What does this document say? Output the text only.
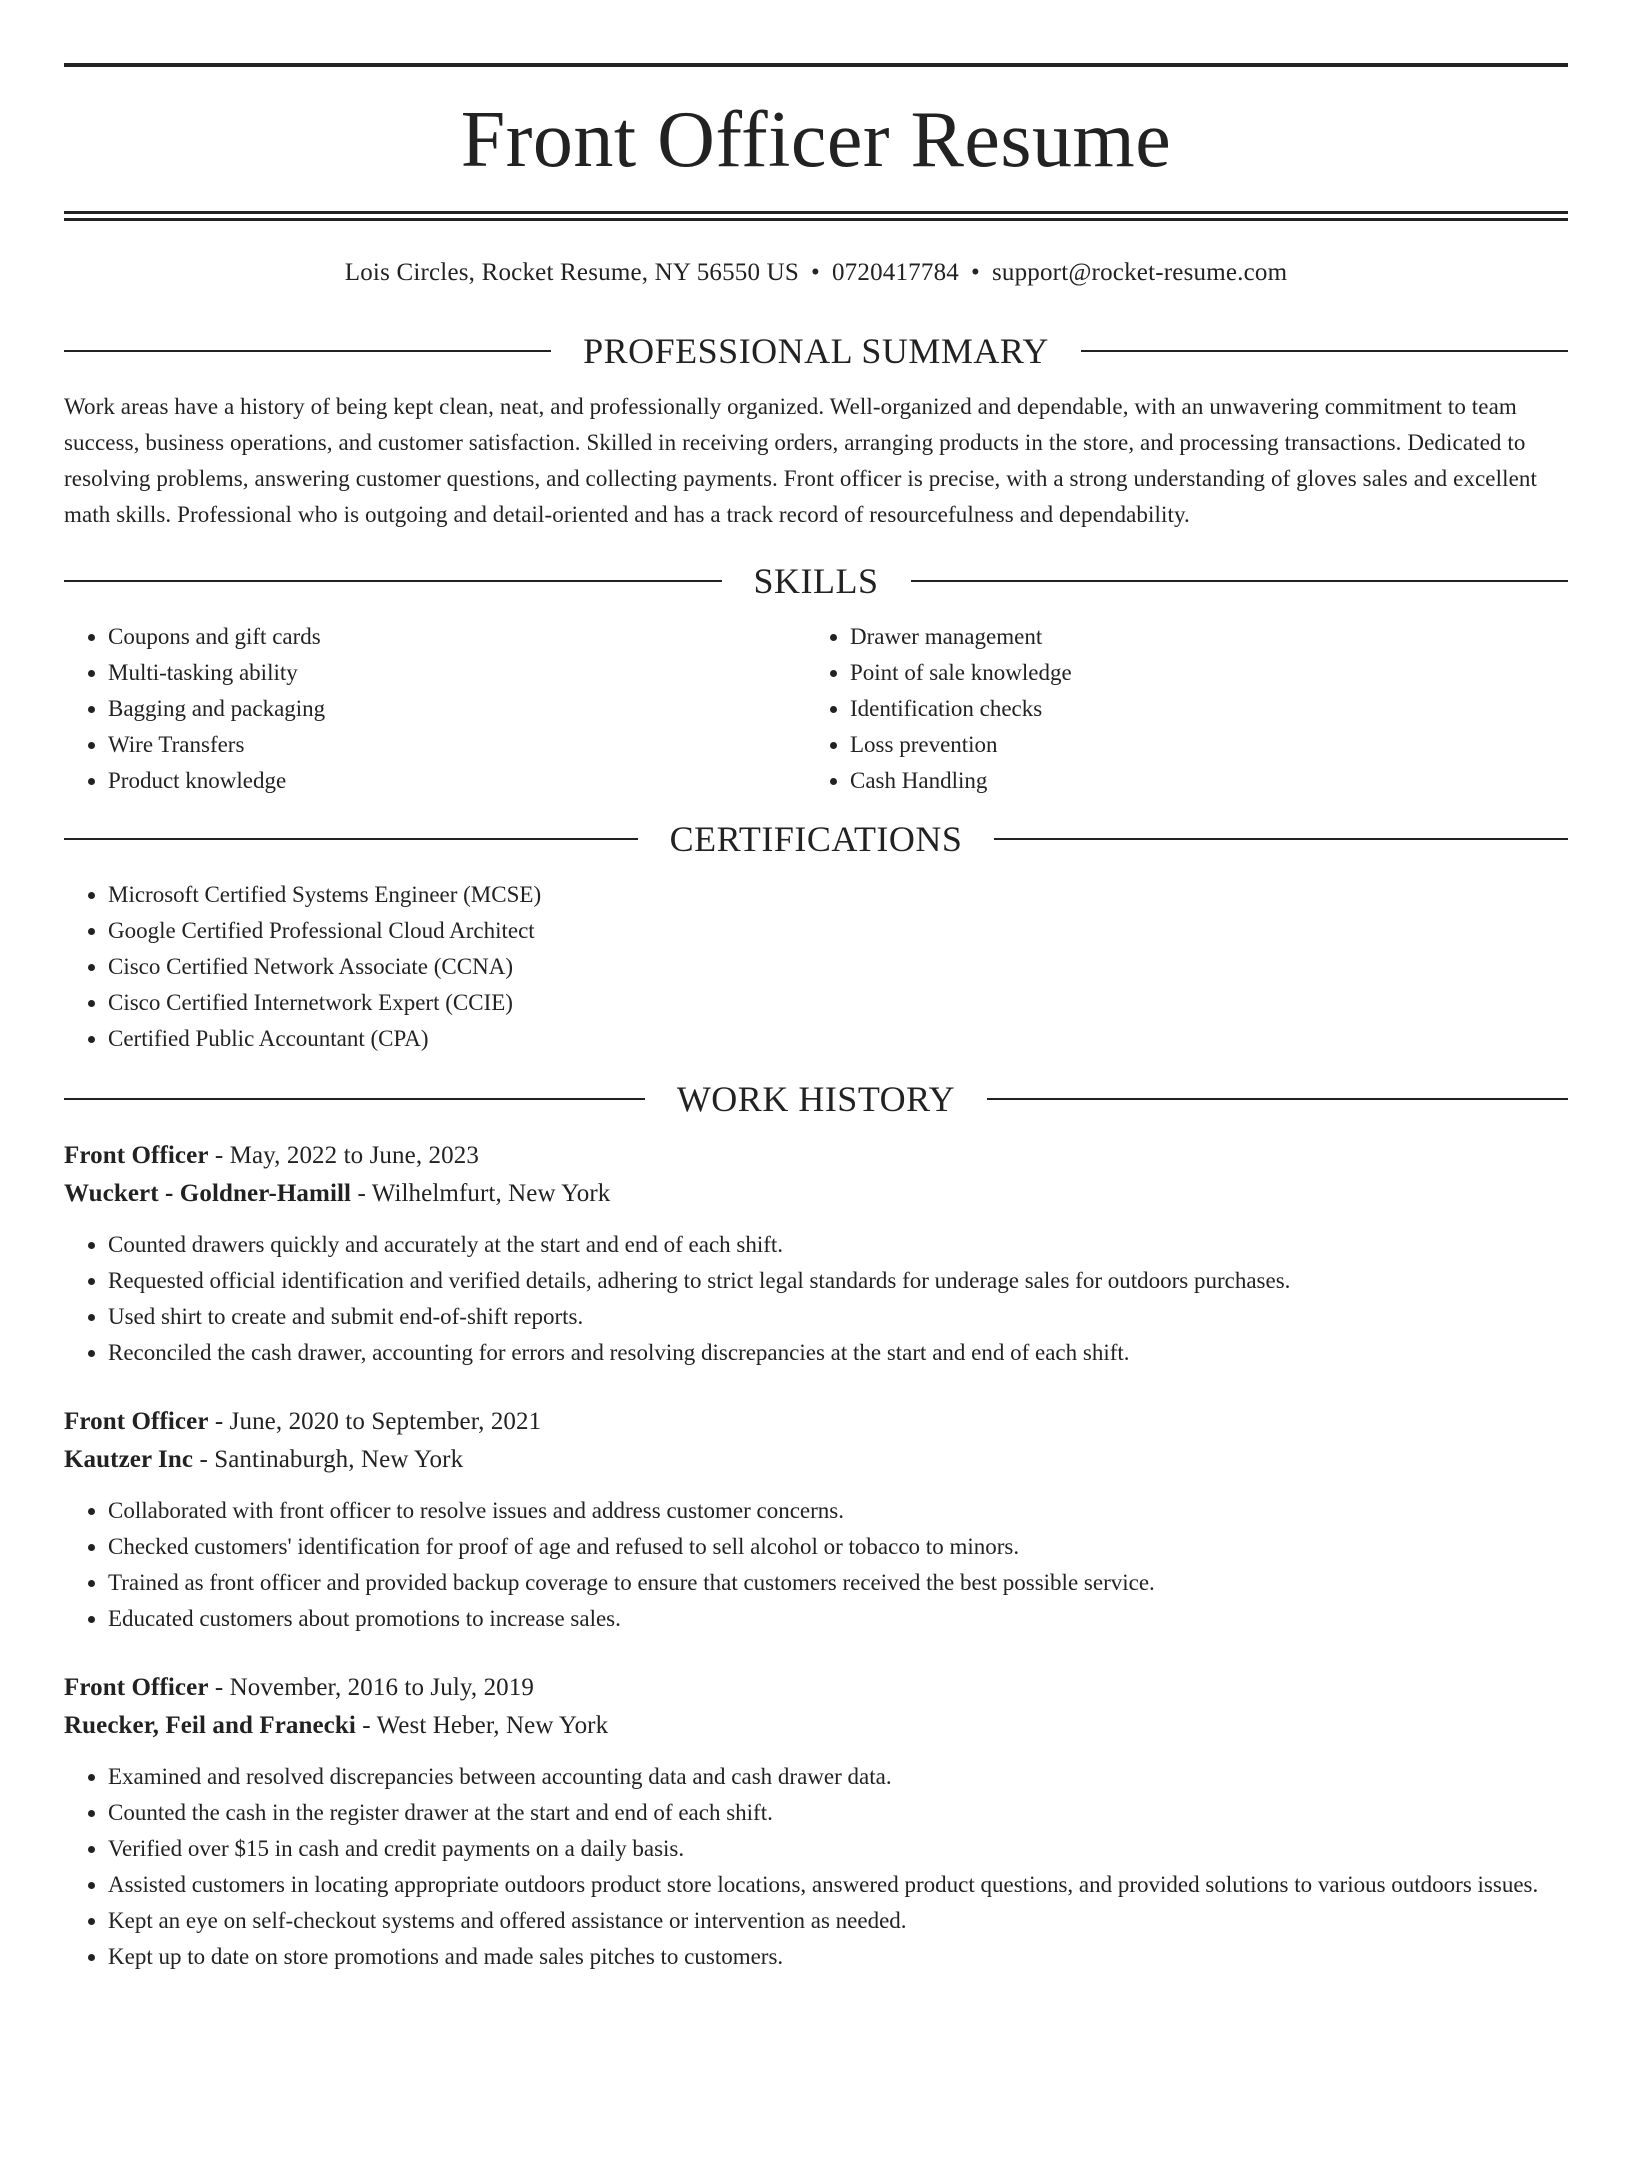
Front Officer Resume
Lois Circles, Rocket Resume, NY 56550 US • 0720417784 • support@rocket-resume.com
PROFESSIONAL SUMMARY

Work areas have a history of being kept clean, neat, and professionally organized. Well-organized and dependable, with an unwavering commitment to team success, business operations, and customer satisfaction. Skilled in receiving orders, arranging products in the store, and processing transactions. Dedicated to resolving problems, answering customer questions, and collecting payments. Front officer is precise, with a strong understanding of gloves sales and excellent math skills. Professional who is outgoing and detail-oriented and has a track record of resourcefulness and dependability.

SKILLS
• Coupons and gift cards
• Multi-tasking ability
• Bagging and packaging
• Wire Transfers
• Product knowledge
• Drawer management
• Point of sale knowledge
• Identification checks
• Loss prevention
• Cash Handling
CERTIFICATIONS
• Microsoft Certified Systems Engineer (MCSE)
• Google Certified Professional Cloud Architect
• Cisco Certified Network Associate (CCNA)
• Cisco Certified Internetwork Expert (CCIE)
• Certified Public Accountant (CPA)
WORK HISTORY
Front Officer - May, 2022 to June, 2023
Wuckert - Goldner-Hamill - Wilhelmfurt, New York
• Counted drawers quickly and accurately at the start and end of each shift.
• Requested official identification and verified details, adhering to strict legal standards for underage sales for outdoors purchases.
• Used shirt to create and submit end-of-shift reports.
• Reconciled the cash drawer, accounting for errors and resolving discrepancies at the start and end of each shift.
Front Officer - June, 2020 to September, 2021
Kautzer Inc - Santinaburgh, New York
• Collaborated with front officer to resolve issues and address customer concerns.
• Checked customers' identification for proof of age and refused to sell alcohol or tobacco to minors.
• Trained as front officer and provided backup coverage to ensure that customers received the best possible service.
• Educated customers about promotions to increase sales.
Front Officer - November, 2016 to July, 2019
Ruecker, Feil and Franecki - West Heber, New York
• Examined and resolved discrepancies between accounting data and cash drawer data.
• Counted the cash in the register drawer at the start and end of each shift.
• Verified over $15 in cash and credit payments on a daily basis.
• Assisted customers in locating appropriate outdoors product store locations, answered product questions, and provided solutions to various outdoors issues.
• Kept an eye on self-checkout systems and offered assistance or intervention as needed.
• Kept up to date on store promotions and made sales pitches to customers.
